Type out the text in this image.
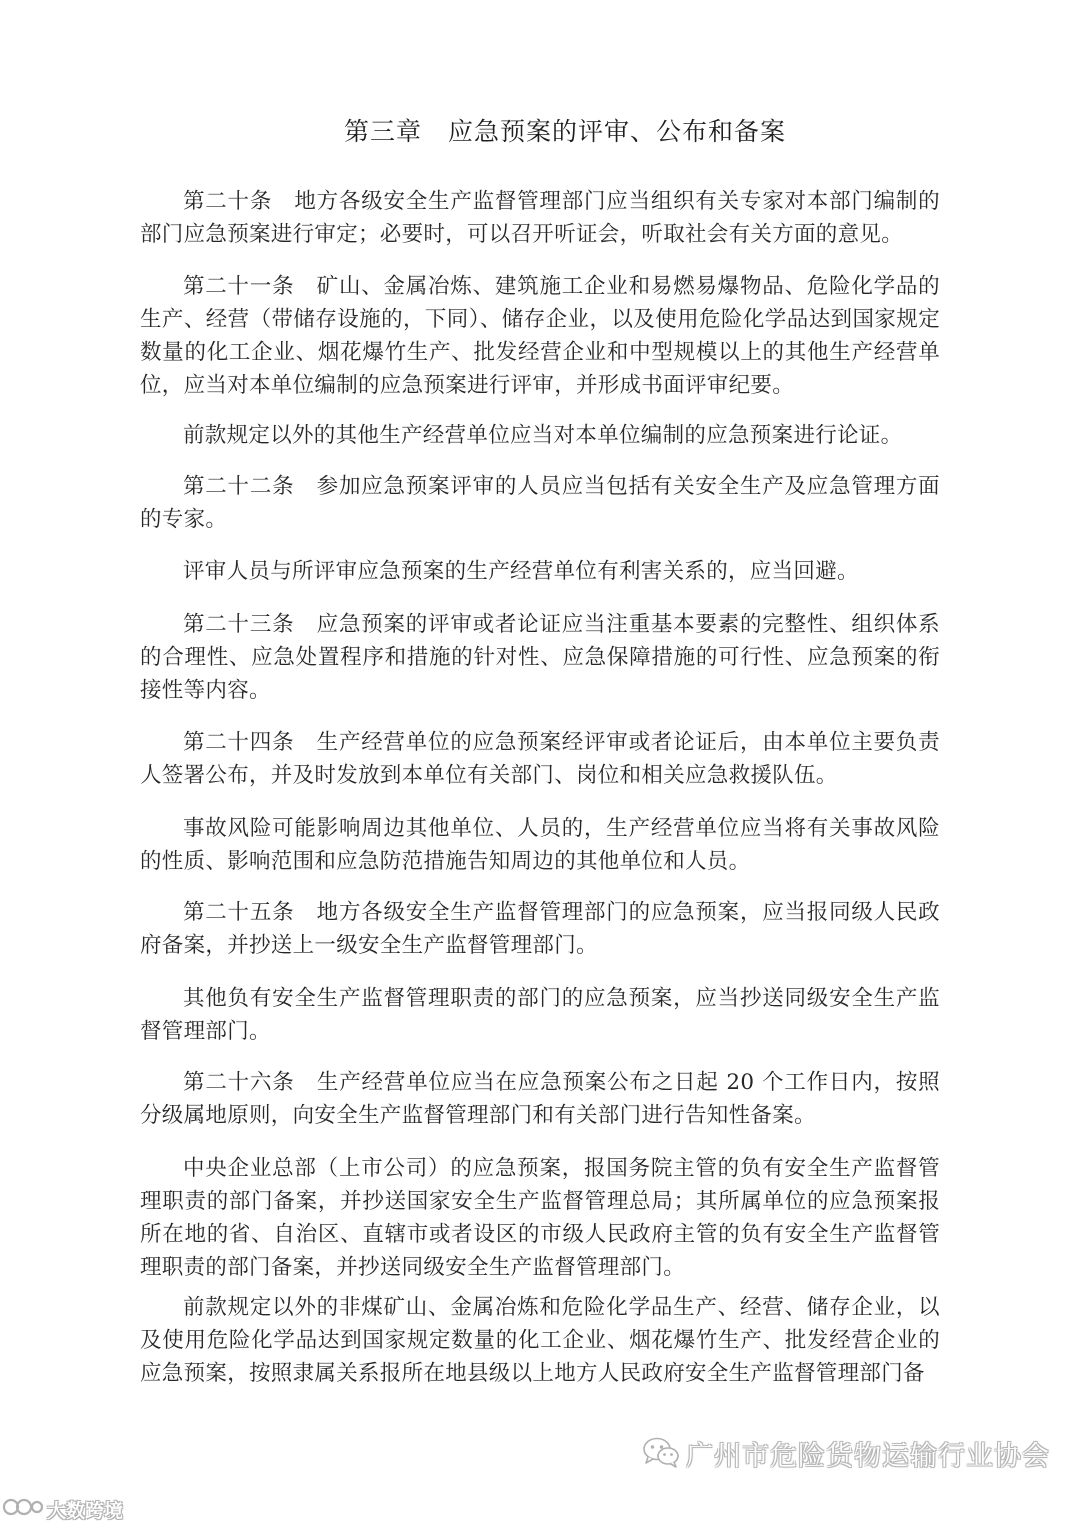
第三章　应急预案的评审、公布和备案

第二十条　地方各级安全生产监督管理部门应当组织有关专家对本部门编制的部门应急预案进行审定；必要时，可以召开听证会，听取社会有关方面的意见。

第二十一条　矿山、金属冶炼、建筑施工企业和易燃易爆物品、危险化学品的生产、经营（带储存设施的，下同）、储存企业，以及使用危险化学品达到国家规定数量的化工企业、烟花爆竹生产、批发经营企业和中型规模以上的其他生产经营单位，应当对本单位编制的应急预案进行评审，并形成书面评审纪要。

前款规定以外的其他生产经营单位应当对本单位编制的应急预案进行论证。

第二十二条　参加应急预案评审的人员应当包括有关安全生产及应急管理方面的专家。

评审人员与所评审应急预案的生产经营单位有利害关系的，应当回避。

第二十三条　应急预案的评审或者论证应当注重基本要素的完整性、组织体系的合理性、应急处置程序和措施的针对性、应急保障措施的可行性、应急预案的衔接性等内容。

第二十四条　生产经营单位的应急预案经评审或者论证后，由本单位主要负责人签署公布，并及时发放到本单位有关部门、岗位和相关应急救援队伍。

事故风险可能影响周边其他单位、人员的，生产经营单位应当将有关事故风险的性质、影响范围和应急防范措施告知周边的其他单位和人员。

第二十五条　地方各级安全生产监督管理部门的应急预案，应当报同级人民政府备案，并抄送上一级安全生产监督管理部门。

其他负有安全生产监督管理职责的部门的应急预案，应当抄送同级安全生产监督管理部门。

第二十六条　生产经营单位应当在应急预案公布之日起 20 个工作日内，按照分级属地原则，向安全生产监督管理部门和有关部门进行告知性备案。

中央企业总部（上市公司）的应急预案，报国务院主管的负有安全生产监督管理职责的部门备案，并抄送国家安全生产监督管理总局；其所属单位的应急预案报所在地的省、自治区、直辖市或者设区的市级人民政府主管的负有安全生产监督管理职责的部门备案，并抄送同级安全生产监督管理部门。

前款规定以外的非煤矿山、金属冶炼和危险化学品生产、经营、储存企业，以及使用危险化学品达到国家规定数量的化工企业、烟花爆竹生产、批发经营企业的应急预案，按照隶属关系报所在地县级以上地方人民政府安全生产监督管理部门备

广州市危险货物运输行业协会
大数跨境
